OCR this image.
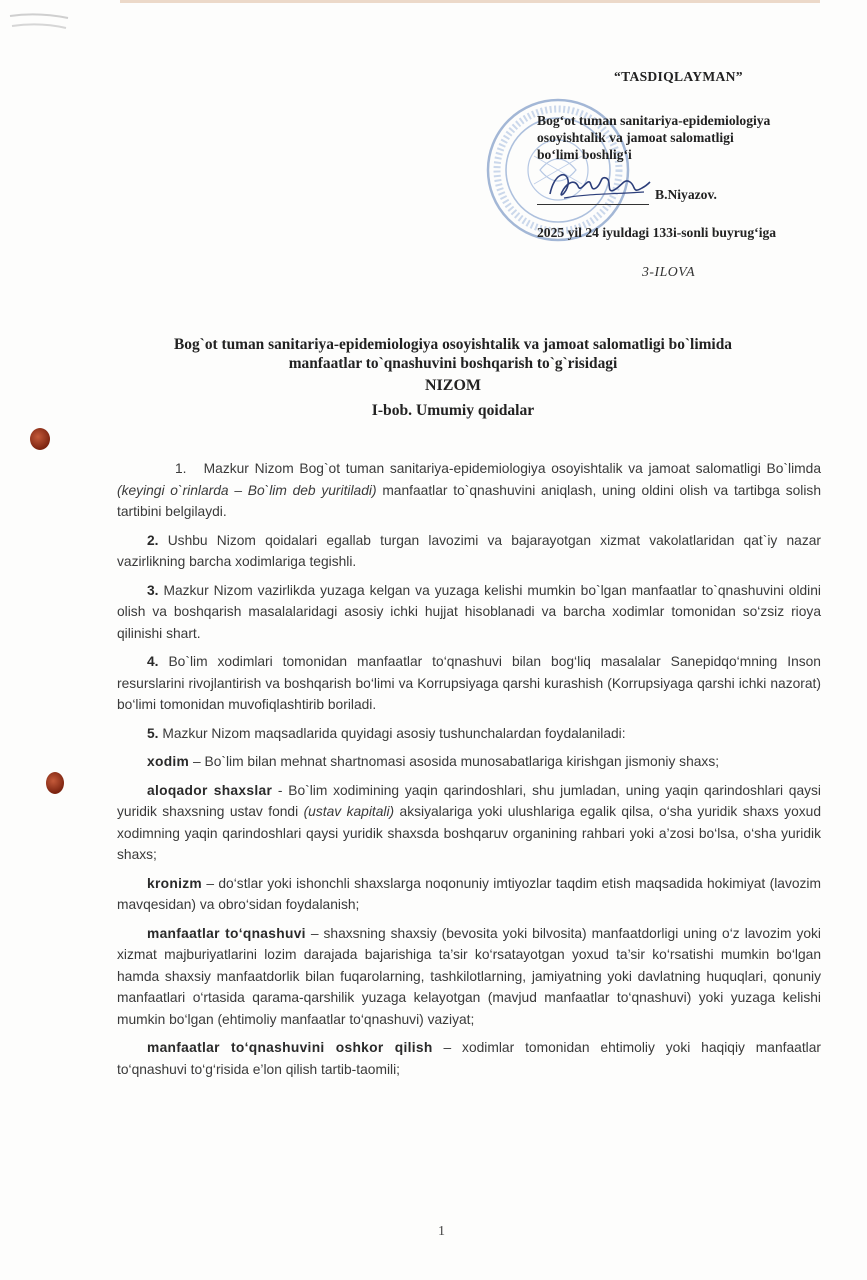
“TASDIQLAYMAN”
Bog‘ot tuman sanitariya-epidemiologiya
osoyishtalik va jamoat salomatligi
bo‘limi boshlig‘i
B.Niyazov.
2025 yil 24 iyuldagi 133i-sonli buyrug‘iga
3-ILOVA
Bog`ot tuman sanitariya-epidemiologiya osoyishtalik va jamoat salomatligi bo`limida
manfaatlar to`qnashuvini boshqarish to`g`risidagi
NIZOM
I-bob. Umumiy qoidalar

1. Mazkur Nizom Bog`ot tuman sanitariya-epidemiologiya osoyishtalik va jamoat salomatligi Bo`limda (keyingi o`rinlarda – Bo`lim deb yuritiladi) manfaatlar to`qnashuvini aniqlash, uning oldini olish va tartibga solish tartibini belgilaydi.

2. Ushbu Nizom qoidalari egallab turgan lavozimi va bajarayotgan xizmat vakolatlaridan qat`iy nazar vazirlikning barcha xodimlariga tegishli.

3. Mazkur Nizom vazirlikda yuzaga kelgan va yuzaga kelishi mumkin bo`lgan manfaatlar to`qnashuvini oldini olish va boshqarish masalalaridagi asosiy ichki hujjat hisoblanadi va barcha xodimlar tomonidan so‘zsiz rioya qilinishi shart.

4. Bo`lim xodimlari tomonidan manfaatlar to‘qnashuvi bilan bog‘liq masalalar Sanepidqo‘mning Inson resurslarini rivojlantirish va boshqarish bo‘limi va Korrupsiyaga qarshi kurashish (Korrupsiyaga qarshi ichki nazorat) bo‘limi tomonidan muvofiqlashtirib boriladi.

5. Mazkur Nizom maqsadlarida quyidagi asosiy tushunchalardan foydalaniladi:

xodim – Bo`lim bilan mehnat shartnomasi asosida munosabatlariga kirishgan jismoniy shaxs;

aloqador shaxslar - Bo`lim xodimining yaqin qarindoshlari, shu jumladan, uning yaqin qarindoshlari qaysi yuridik shaxsning ustav fondi (ustav kapitali) aksiyalariga yoki ulushlariga egalik qilsa, o‘sha yuridik shaxs yoxud xodimning yaqin qarindoshlari qaysi yuridik shaxsda boshqaruv organining rahbari yoki a’zosi bo‘lsa, o‘sha yuridik shaxs;

kronizm – do‘stlar yoki ishonchli shaxslarga noqonuniy imtiyozlar taqdim etish maqsadida hokimiyat (lavozim mavqesidan) va obro‘sidan foydalanish;

manfaatlar to‘qnashuvi – shaxsning shaxsiy (bevosita yoki bilvosita) manfaatdorligi uning o‘z lavozim yoki xizmat majburiyatlarini lozim darajada bajarishiga ta’sir ko‘rsatayotgan yoxud ta’sir ko‘rsatishi mumkin bo‘lgan hamda shaxsiy manfaatdorlik bilan fuqarolarning, tashkilotlarning, jamiyatning yoki davlatning huquqlari, qonuniy manfaatlari o‘rtasida qarama-qarshilik yuzaga kelayotgan (mavjud manfaatlar to‘qnashuvi) yoki yuzaga kelishi mumkin bo‘lgan (ehtimoliy manfaatlar to‘qnashuvi) vaziyat;

manfaatlar to‘qnashuvini oshkor qilish – xodimlar tomonidan ehtimoliy yoki haqiqiy manfaatlar to‘qnashuvi to‘g‘risida e’lon qilish tartib-taomili;

1
